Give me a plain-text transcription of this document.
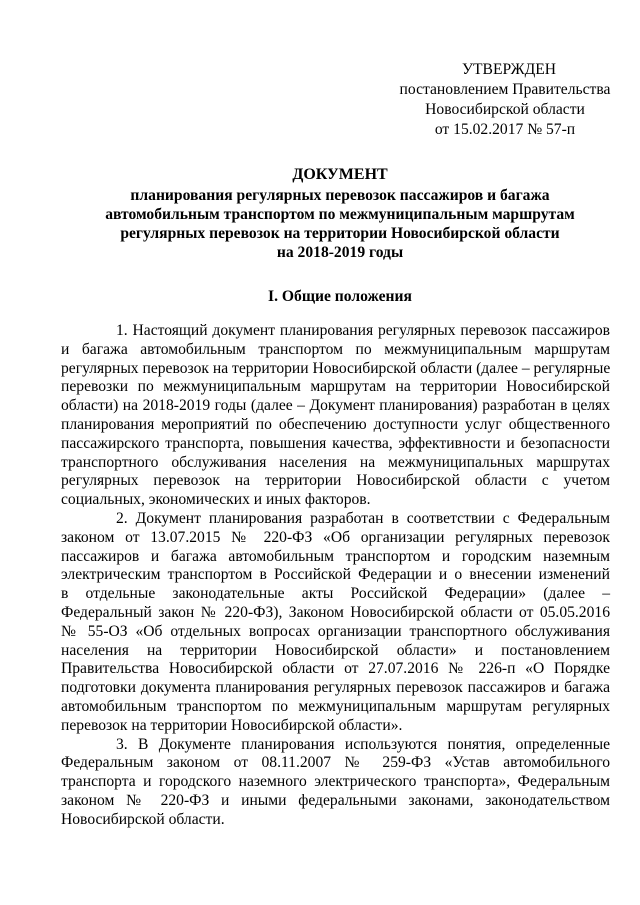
УТВЕРЖДЕН
постановлением Правительства
Новосибирской области
от 15.02.2017 № 57-п
ДОКУМЕНТ
планирования регулярных перевозок пассажиров и багажа
автомобильным транспортом по межмуниципальным маршрутам
регулярных перевозок на территории Новосибирской области
на 2018-2019 годы
I. Общие положения

1. Настоящий документ планирования регулярных перевозок пассажиров
и багажа автомобильным транспортом по межмуниципальным маршрутам
регулярных перевозок на территории Новосибирской области (далее – регулярные
перевозки по межмуниципальным маршрутам на территории Новосибирской
области) на 2018-2019 годы (далее – Документ планирования) разработан в целях
планирования мероприятий по обеспечению доступности услуг общественного
пассажирского транспорта, повышения качества, эффективности и безопасности
транспортного обслуживания населения на межмуниципальных маршрутах
регулярных перевозок на территории Новосибирской области с учетом
социальных, экономических и иных факторов.

2. Документ планирования разработан в соответствии с Федеральным
законом от 13.07.2015 № 220-ФЗ «Об организации регулярных перевозок
пассажиров и багажа автомобильным транспортом и городским наземным
электрическим транспортом в Российской Федерации и о внесении изменений
в отдельные законодательные акты Российской Федерации» (далее –
Федеральный закон № 220-ФЗ), Законом Новосибирской области от 05.05.2016
№ 55-ОЗ «Об отдельных вопросах организации транспортного обслуживания
населения на территории Новосибирской области» и постановлением
Правительства Новосибирской области от 27.07.2016 № 226-п «О Порядке
подготовки документа планирования регулярных перевозок пассажиров и багажа
автомобильным транспортом по межмуниципальным маршрутам регулярных
перевозок на территории Новосибирской области».

3. В Документе планирования используются понятия, определенные
Федеральным законом от 08.11.2007 № 259-ФЗ «Устав автомобильного
транспорта и городского наземного электрического транспорта», Федеральным
законом № 220-ФЗ и иными федеральными законами, законодательством
Новосибирской области.
